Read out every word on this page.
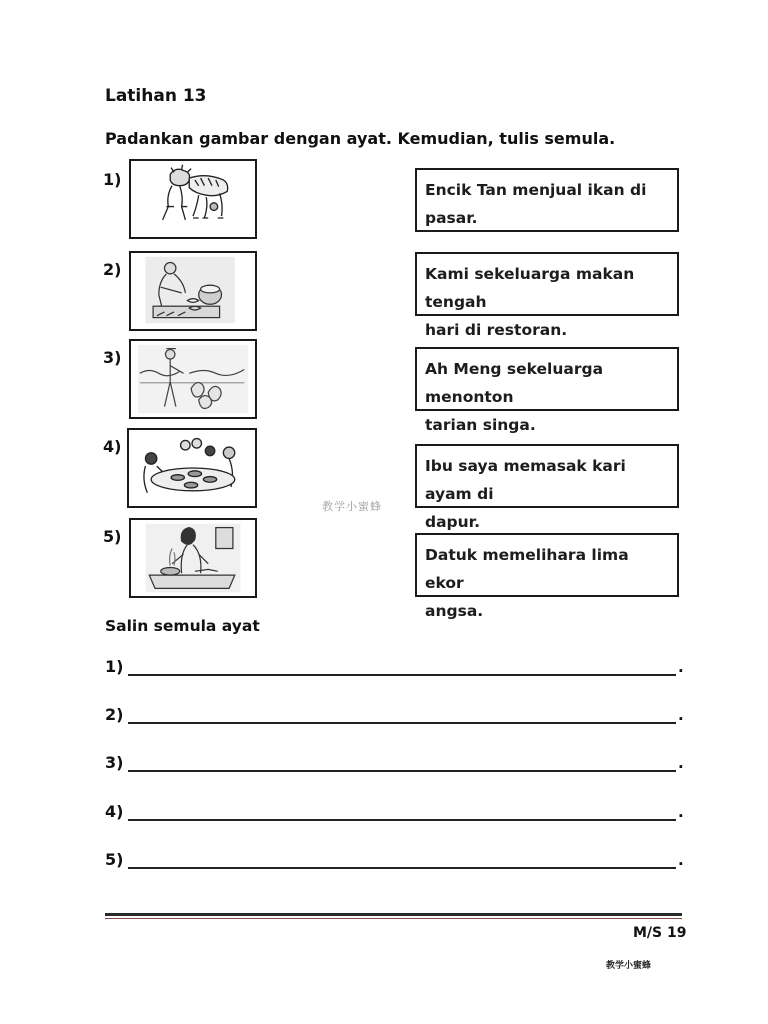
Latihan 13
Padankan gambar dengan ayat. Kemudian, tulis semula.
1)
2)
3)
4)
5)
Encik Tan menjual ikan di
pasar.
Kami sekeluarga makan tengah
hari di restoran.
Ah Meng sekeluarga menonton
tarian singa.
Ibu saya memasak kari ayam di
dapur.
Datuk memelihara lima ekor
angsa.
教学小蜜蜂
Salin semula ayat
1)	.
2)	.
3)	.
4)	.
5)	.
M/S 19
教学小蜜蜂
